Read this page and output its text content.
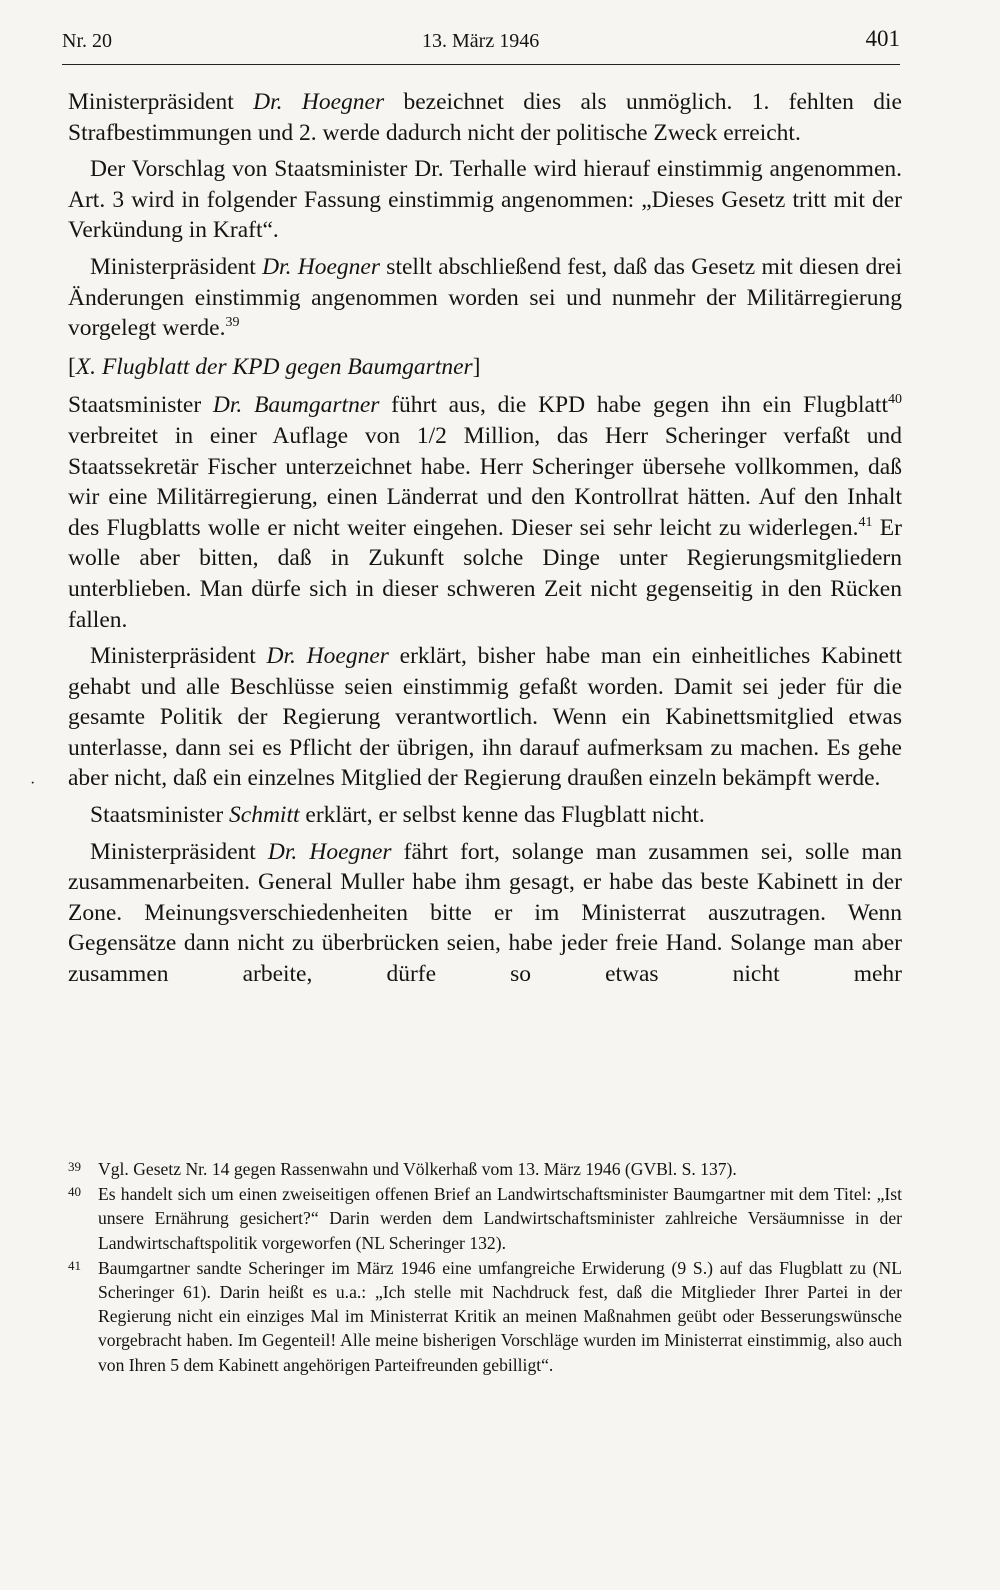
Nr. 20	13. März 1946	401
·

Ministerpräsident Dr. Hoegner bezeichnet dies als unmöglich. 1. fehlten die Strafbestimmungen und 2. werde dadurch nicht der politische Zweck erreicht.

Der Vorschlag von Staatsminister Dr. Terhalle wird hierauf einstimmig angenommen. Art. 3 wird in folgender Fassung einstimmig angenommen: „Dieses Gesetz tritt mit der Verkündung in Kraft“.

Ministerpräsident Dr. Hoegner stellt abschließend fest, daß das Gesetz mit diesen drei Änderungen einstimmig angenommen worden sei und nunmehr der Militärregierung vorgelegt werde.$^{39}$

[X. Flugblatt der KPD gegen Baumgartner]

Staatsminister Dr. Baumgartner führt aus, die KPD habe gegen ihn ein Flugblatt$^{40}$ verbreitet in einer Auflage von 1/2 Million, das Herr Scheringer verfaßt und Staatssekretär Fischer unterzeichnet habe. Herr Scheringer übersehe vollkommen, daß wir eine Militärregierung, einen Länderrat und den Kontrollrat hätten. Auf den Inhalt des Flugblatts wolle er nicht weiter eingehen. Dieser sei sehr leicht zu widerlegen.$^{41}$ Er wolle aber bitten, daß in Zukunft solche Dinge unter Regierungsmitgliedern unterblieben. Man dürfe sich in dieser schweren Zeit nicht gegenseitig in den Rücken fallen.

Ministerpräsident Dr. Hoegner erklärt, bisher habe man ein einheitliches Kabinett gehabt und alle Beschlüsse seien einstimmig gefaßt worden. Damit sei jeder für die gesamte Politik der Regierung verantwortlich. Wenn ein Kabinettsmitglied etwas unterlasse, dann sei es Pflicht der übrigen, ihn darauf aufmerksam zu machen. Es gehe aber nicht, daß ein einzelnes Mitglied der Regierung draußen einzeln bekämpft werde.

Staatsminister Schmitt erklärt, er selbst kenne das Flugblatt nicht.

Ministerpräsident Dr. Hoegner fährt fort, solange man zusammen sei, solle man zusammenarbeiten. General Muller habe ihm gesagt, er habe das beste Kabinett in der Zone. Meinungsverschiedenheiten bitte er im Ministerrat auszutragen. Wenn Gegensätze dann nicht zu überbrücken seien, habe jeder freie Hand. Solange man aber zusammen arbeite, dürfe so etwas nicht mehr

39 Vgl. Gesetz Nr. 14 gegen Rassenwahn und Völkerhaß vom 13. März 1946 (GVBl. S. 137).
40 Es handelt sich um einen zweiseitigen offenen Brief an Landwirtschaftsminister Baumgartner mit dem Titel: „Ist unsere Ernährung gesichert?“ Darin werden dem Landwirtschaftsminister zahlreiche Versäumnisse in der Landwirtschaftspolitik vorgeworfen (NL Scheringer 132).
41 Baumgartner sandte Scheringer im März 1946 eine umfangreiche Erwiderung (9 S.) auf das Flugblatt zu (NL Scheringer 61). Darin heißt es u.a.: „Ich stelle mit Nachdruck fest, daß die Mitglieder Ihrer Partei in der Regierung nicht ein einziges Mal im Ministerrat Kritik an meinen Maßnahmen geübt oder Besserungswünsche vorgebracht haben. Im Gegenteil! Alle meine bisherigen Vorschläge wurden im Ministerrat einstimmig, also auch von Ihren 5 dem Kabinett angehörigen Parteifreunden gebilligt“.
